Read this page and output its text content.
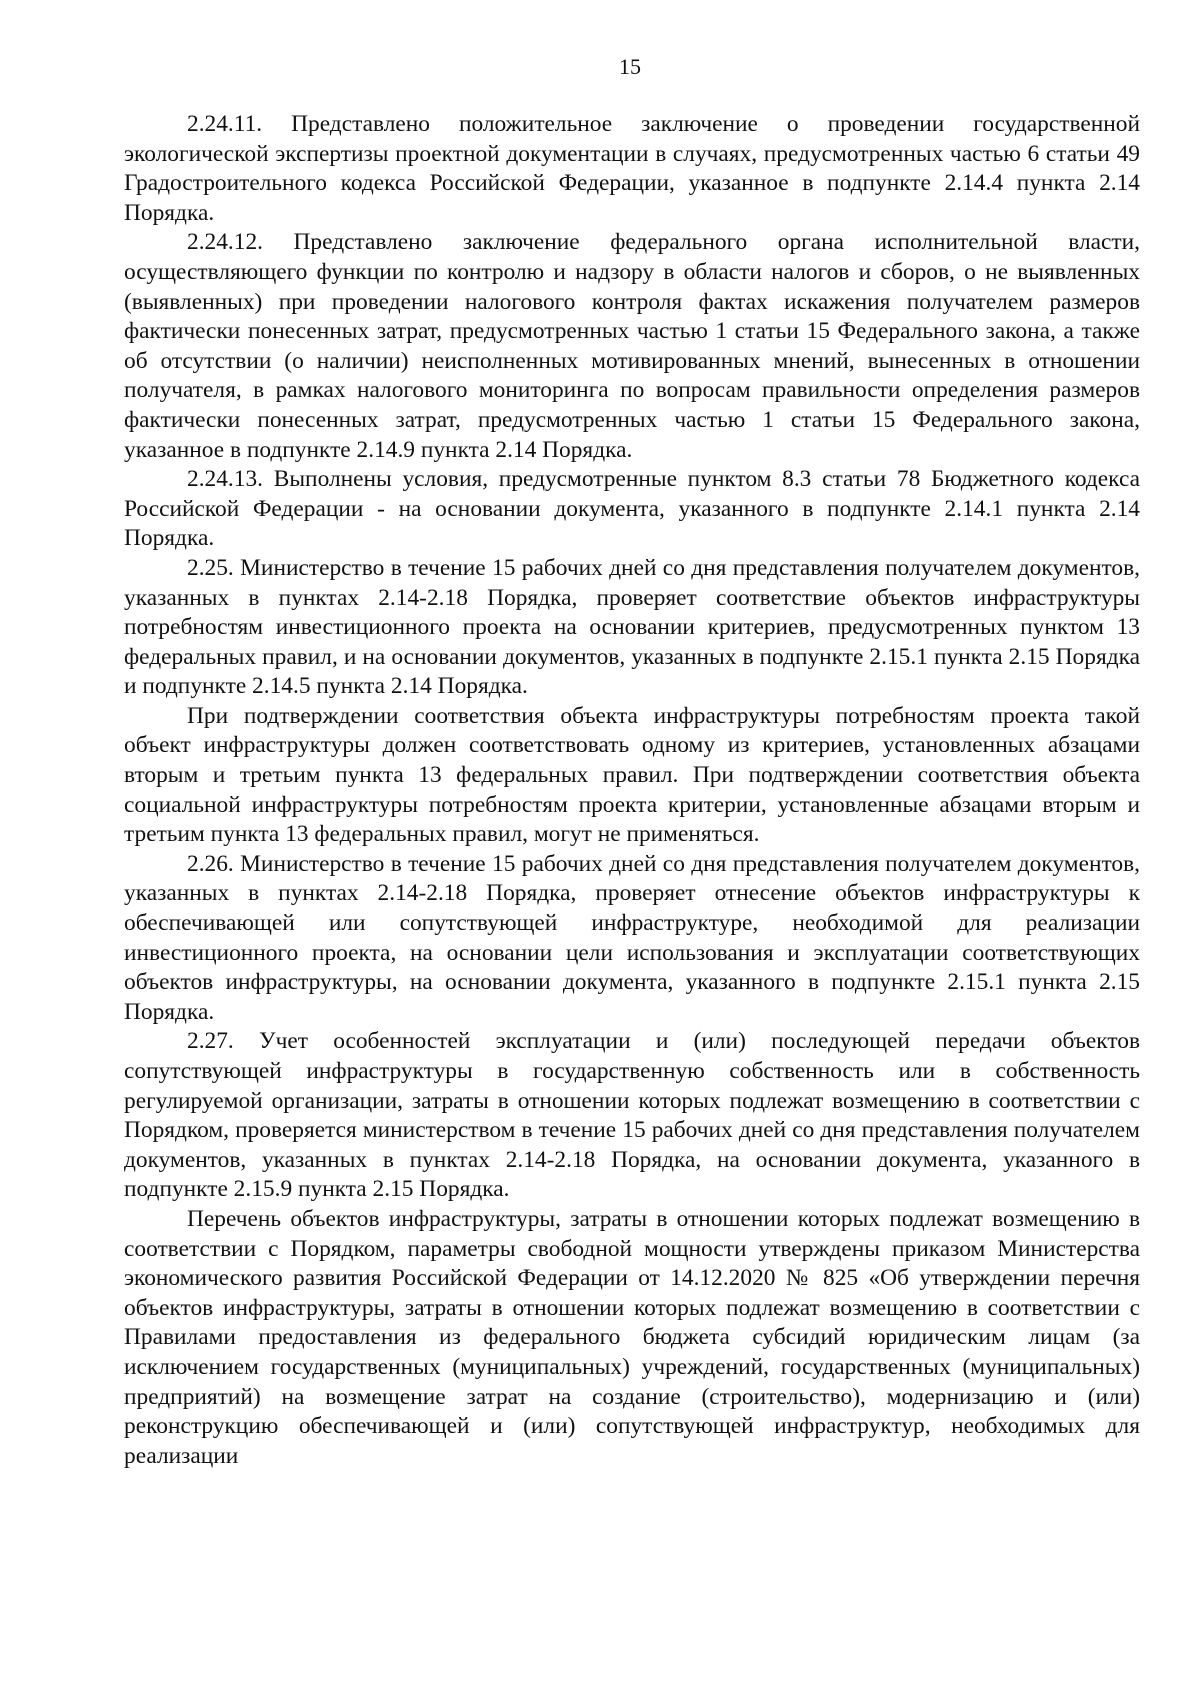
15

2.24.11. Представлено положительное заключение о проведении государственной экологической экспертизы проектной документации в случаях, предусмотренных частью 6 статьи 49 Градостроительного кодекса Российской Федерации, указанное в подпункте 2.14.4 пункта 2.14 Порядка.

2.24.12. Представлено заключение федерального органа исполнительной власти, осуществляющего функции по контролю и надзору в области налогов и сборов, о не выявленных (выявленных) при проведении налогового контроля фактах искажения получателем размеров фактически понесенных затрат, предусмотренных частью 1 статьи 15 Федерального закона, а также об отсутствии (о наличии) неисполненных мотивированных мнений, вынесенных в отношении получателя, в рамках налогового мониторинга по вопросам правильности определения размеров фактически понесенных затрат, предусмотренных частью 1 статьи 15 Федерального закона, указанное в подпункте 2.14.9 пункта 2.14 Порядка.

2.24.13. Выполнены условия, предусмотренные пунктом 8.3 статьи 78 Бюджетного кодекса Российской Федерации - на основании документа, указанного в подпункте 2.14.1 пункта 2.14 Порядка.

2.25. Министерство в течение 15 рабочих дней со дня представления получателем документов, указанных в пунктах 2.14-2.18 Порядка, проверяет соответствие объектов инфраструктуры потребностям инвестиционного проекта на основании критериев, предусмотренных пунктом 13 федеральных правил, и на основании документов, указанных в подпункте 2.15.1 пункта 2.15 Порядка и подпункте 2.14.5 пункта 2.14 Порядка.

При подтверждении соответствия объекта инфраструктуры потребностям проекта такой объект инфраструктуры должен соответствовать одному из критериев, установленных абзацами вторым и третьим пункта 13 федеральных правил. При подтверждении соответствия объекта социальной инфраструктуры потребностям проекта критерии, установленные абзацами вторым и третьим пункта 13 федеральных правил, могут не применяться.

2.26. Министерство в течение 15 рабочих дней со дня представления получателем документов, указанных в пунктах 2.14-2.18 Порядка, проверяет отнесение объектов инфраструктуры к обеспечивающей или сопутствующей инфраструктуре, необходимой для реализации инвестиционного проекта, на основании цели использования и эксплуатации соответствующих объектов инфраструктуры, на основании документа, указанного в подпункте 2.15.1 пункта 2.15 Порядка.

2.27. Учет особенностей эксплуатации и (или) последующей передачи объектов сопутствующей инфраструктуры в государственную собственность или в собственность регулируемой организации, затраты в отношении которых подлежат возмещению в соответствии с Порядком, проверяется министерством в течение 15 рабочих дней со дня представления получателем документов, указанных в пунктах 2.14-2.18 Порядка, на основании документа, указанного в подпункте 2.15.9 пункта 2.15 Порядка.

Перечень объектов инфраструктуры, затраты в отношении которых подлежат возмещению в соответствии с Порядком, параметры свободной мощности утверждены приказом Министерства экономического развития Российской Федерации от 14.12.2020 № 825 «Об утверждении перечня объектов инфраструктуры, затраты в отношении которых подлежат возмещению в соответствии с Правилами предоставления из федерального бюджета субсидий юридическим лицам (за исключением государственных (муниципальных) учреждений, государственных (муниципальных) предприятий) на возмещение затрат на создание (строительство), модернизацию и (или) реконструкцию обеспечивающей и (или) сопутствующей инфраструктур, необходимых для реализации
